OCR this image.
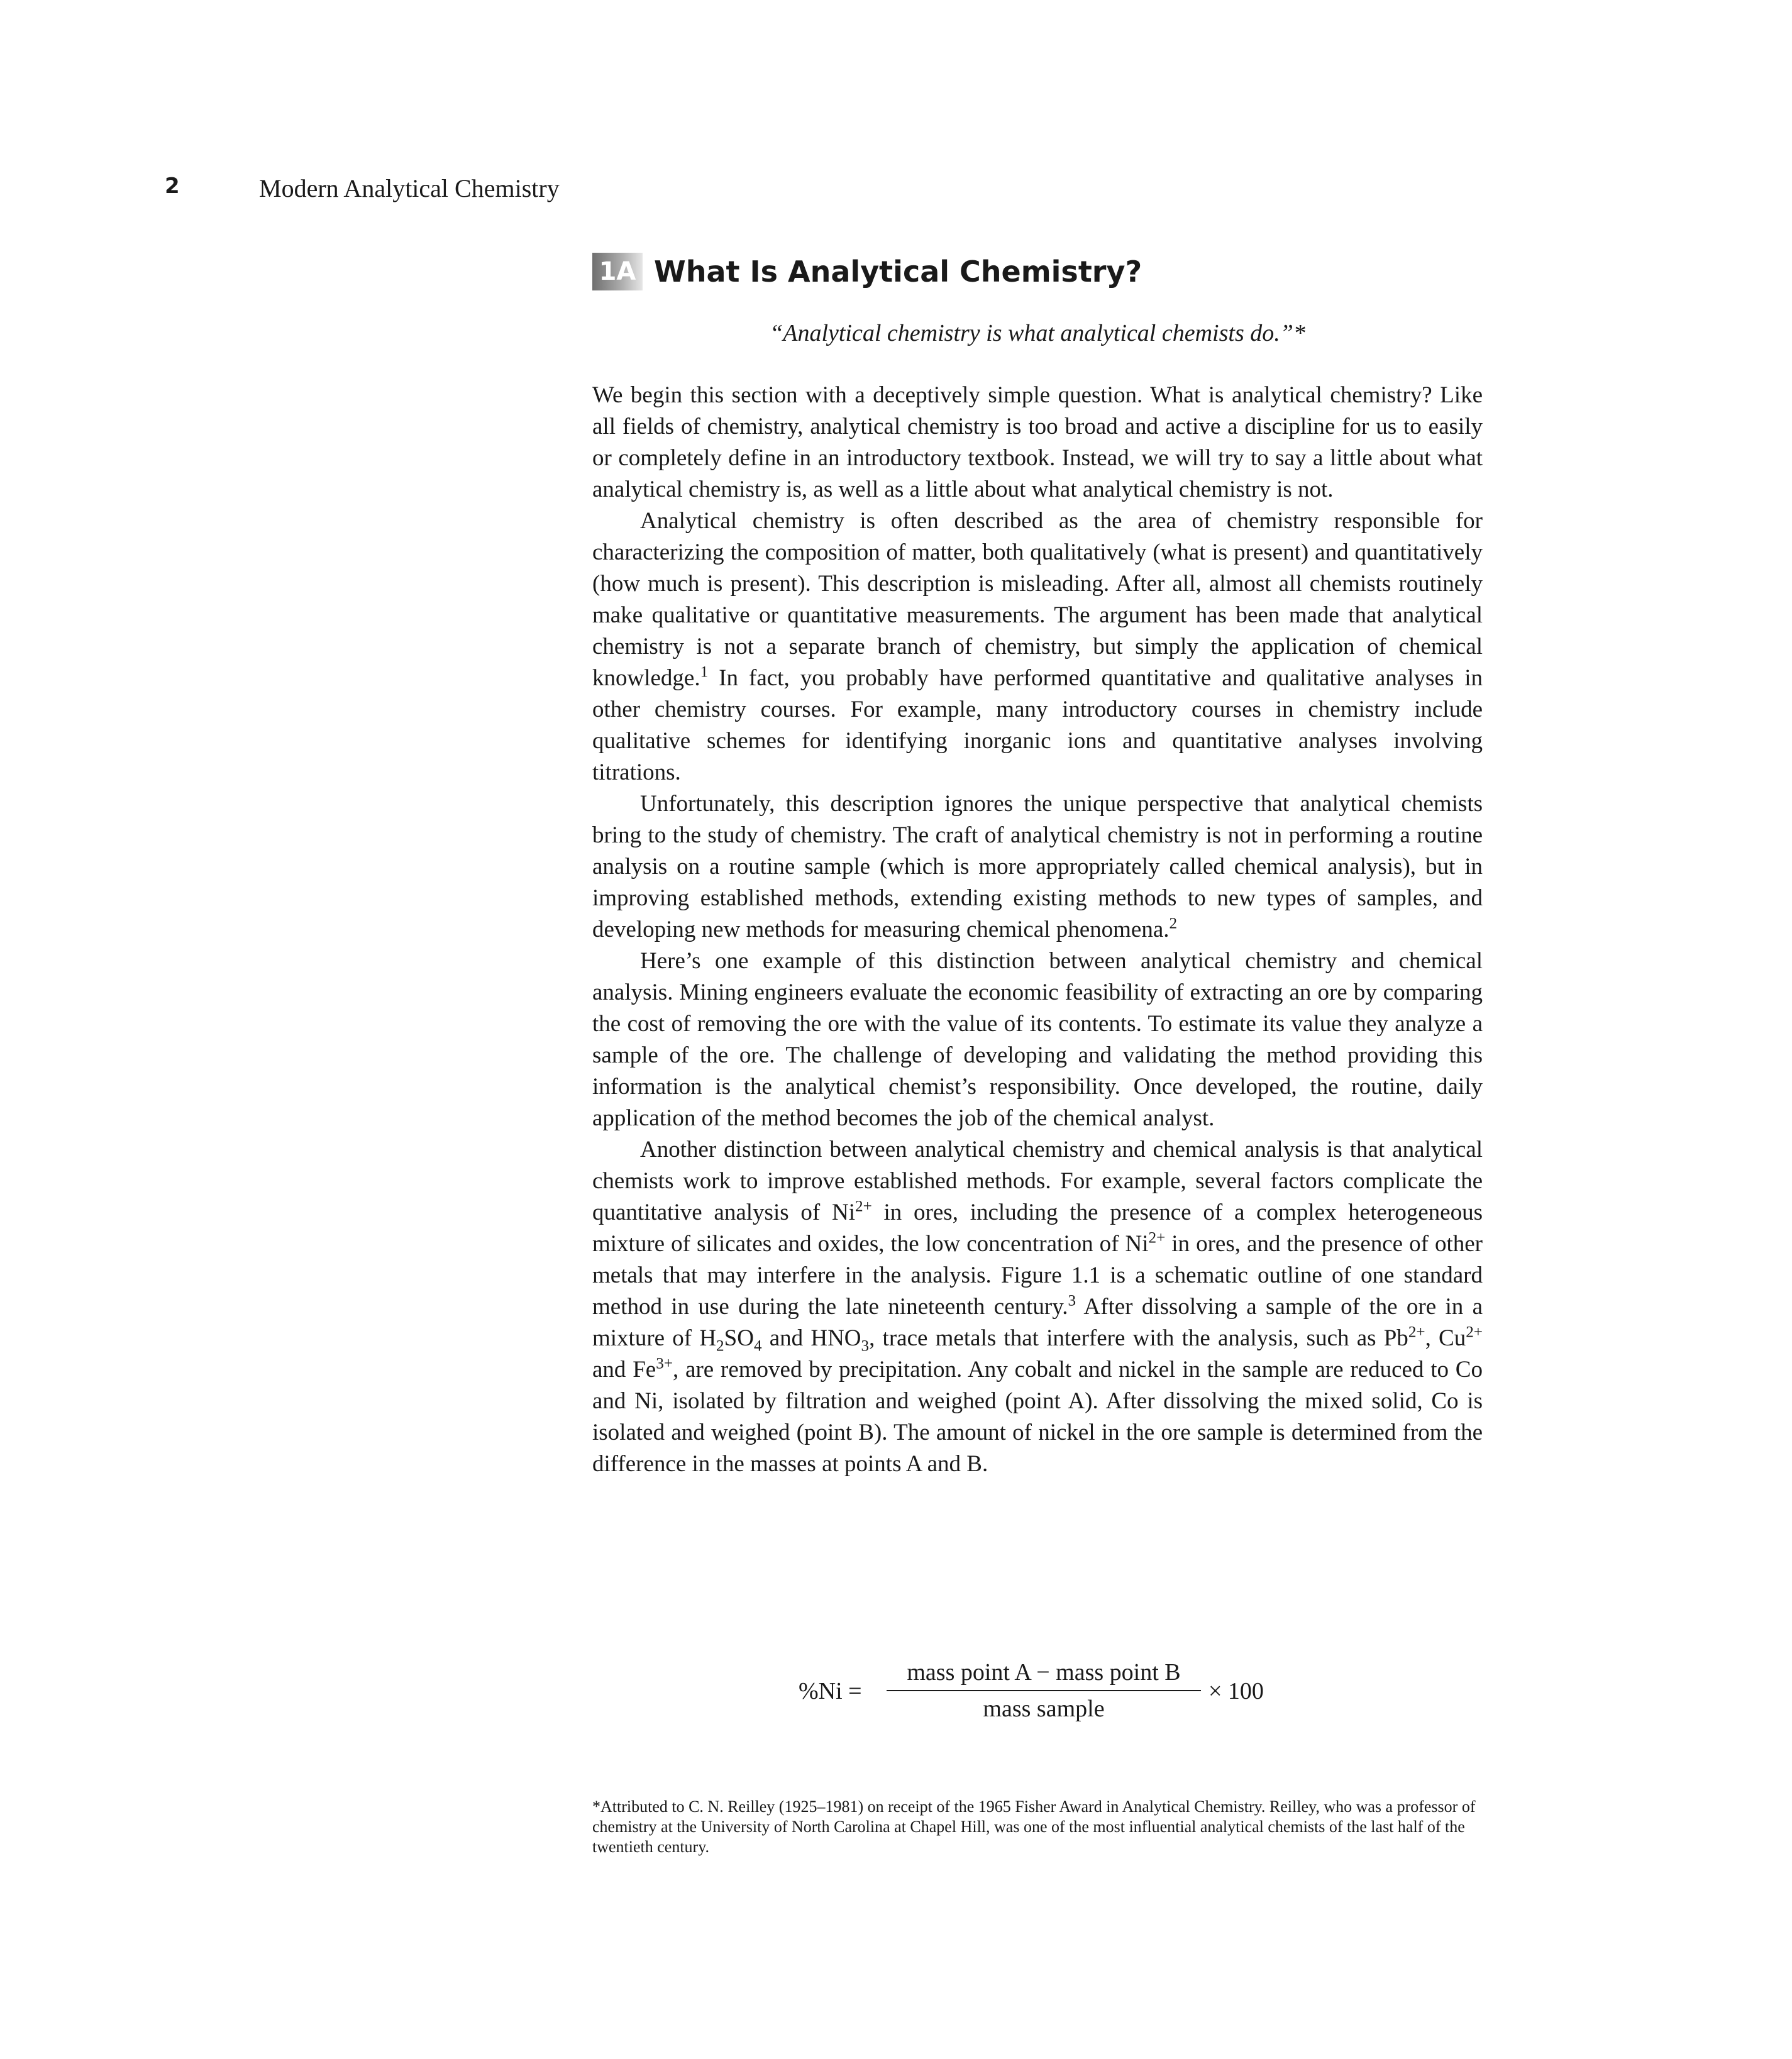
2	Modern Analytical Chemistry
1A What Is Analytical Chemistry?
“Analytical chemistry is what analytical chemists do.”*

We begin this section with a deceptively simple question. What is analytical chemistry? Like all fields of chemistry, analytical chemistry is too broad and active a discipline for us to easily or completely define in an introductory textbook. Instead, we will try to say a little about what analytical chemistry is, as well as a little about what analytical chemistry is not.

Analytical chemistry is often described as the area of chemistry responsible for characterizing the composition of matter, both qualitatively (what is present) and quantitatively (how much is present). This description is misleading. After all, almost all chemists routinely make qualitative or quantitative measurements. The argument has been made that analytical chemistry is not a separate branch of chemistry, but simply the application of chemical knowledge.$^1$ In fact, you probably have performed quantitative and qualitative analyses in other chemistry courses. For example, many introductory courses in chemistry include qualitative schemes for identifying inorganic ions and quantitative analyses involving titrations.

Unfortunately, this description ignores the unique perspective that analytical chemists bring to the study of chemistry. The craft of analytical chemistry is not in performing a routine analysis on a routine sample (which is more appropriately called chemical analysis), but in improving established methods, extending existing methods to new types of samples, and developing new methods for measuring chemical phenomena.$^2$

Here’s one example of this distinction between analytical chemistry and chemical analysis. Mining engineers evaluate the economic feasibility of extracting an ore by comparing the cost of removing the ore with the value of its contents. To estimate its value they analyze a sample of the ore. The challenge of developing and validating the method providing this information is the analytical chemist’s responsibility. Once developed, the routine, daily application of the method becomes the job of the chemical analyst.

Another distinction between analytical chemistry and chemical analysis is that analytical chemists work to improve established methods. For example, several factors complicate the quantitative analysis of $Ni^{2+}$ in ores, including the presence of a complex heterogeneous mixture of silicates and oxides, the low concentration of $Ni^{2+}$ in ores, and the presence of other metals that may interfere in the analysis. Figure 1.1 is a schematic outline of one standard method in use during the late nineteenth century.$^3$ After dissolving a sample of the ore in a mixture of $H_2SO_4$ and $HNO_3$, trace metals that interfere with the analysis, such as $Pb^{2+}$, $Cu^{2+}$ and $Fe^{3+}$, are removed by precipitation. Any cobalt and nickel in the sample are reduced to Co and Ni, isolated by filtration and weighed (point A). After dissolving the mixed solid, Co is isolated and weighed (point B). The amount of nickel in the ore sample is determined from the difference in the masses at points A and B.

%Ni =
mass point A − mass point B
mass sample
× 100
*Attributed to C. N. Reilley (1925–1981) on receipt of the 1965 Fisher Award in Analytical Chemistry. Reilley, who was a professor of chemistry at the University of North Carolina at Chapel Hill, was one of the most influential analytical chemists of the last half of the twentieth century.
